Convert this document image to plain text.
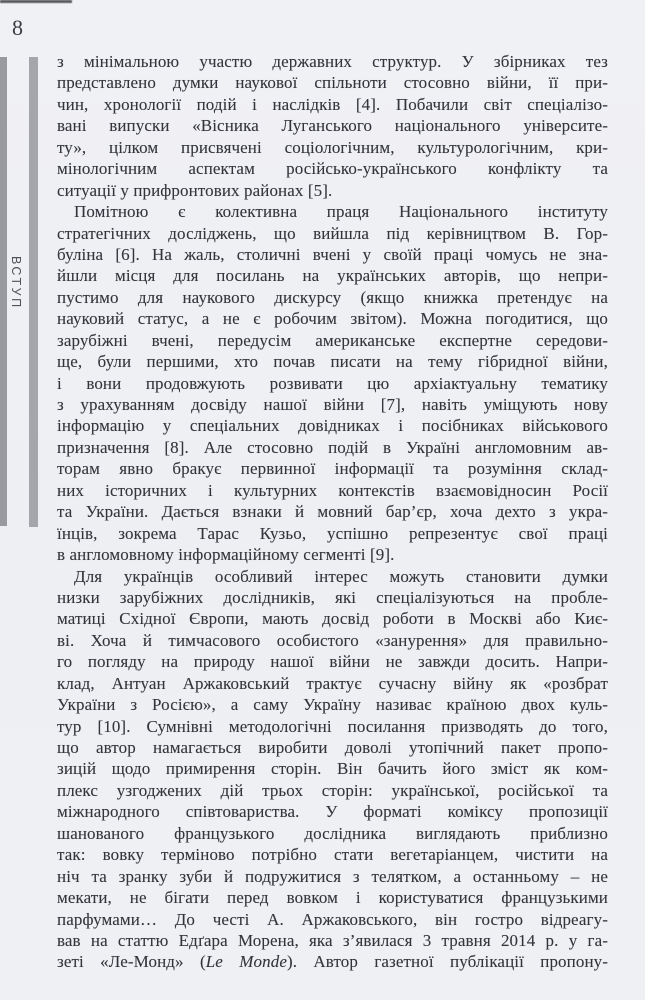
8
ВСТУП
з мінімальною участю державних структур. У збірниках тез
представлено думки наукової спільноти стосовно війни, її при-
чин, хронології подій і наслідків [4]. Побачили світ спеціалізо-
вані випуски «Вісника Луганського національного університе-
ту», цілком присвячені соціологічним, культурологічним, кри-
мінологічним аспектам російсько-українського конфлікту та
ситуації у прифронтових районах [5].
Помітною є колективна праця Національного інституту
стратегічних досліджень, що вийшла під керівництвом В. Гор-
буліна [6]. На жаль, столичні вчені у своїй праці чомусь не зна-
йшли місця для посилань на українських авторів, що непри-
пустимо для наукового дискурсу (якщо книжка претендує на
науковий статус, а не є робочим звітом). Можна погодитися, що
зарубіжні вчені, передусім американське експертне середови-
ще, були першими, хто почав писати на тему гібридної війни,
і вони продовжують розвивати цю архіактуальну тематику
з урахуванням досвіду нашої війни [7], навіть уміщують нову
інформацію у спеціальних довідниках і посібниках військового
призначення [8]. Але стосовно подій в Україні англомовним ав-
торам явно бракує первинної інформації та розуміння склад-
них історичних і культурних контекстів взаємовідносин Росії
та України. Дається взнаки й мовний бар’єр, хоча дехто з укра-
їнців, зокрема Тарас Кузьо, успішно репрезентує свої праці
в англомовному інформаційному сегменті [9].
Для українців особливий інтерес можуть становити думки
низки зарубіжних дослідників, які спеціалізуються на пробле-
матиці Східної Європи, мають досвід роботи в Москві або Киє-
ві. Хоча й тимчасового особистого «занурення» для правильно-
го погляду на природу нашої війни не завжди досить. Напри-
клад, Антуан Аржаковський трактує сучасну війну як «розбрат
України з Росією», а саму Україну називає країною двох куль-
тур [10]. Сумнівні методологічні посилання призводять до того,
що автор намагається виробити доволі утопічний пакет пропо-
зицій щодо примирення сторін. Він бачить його зміст як ком-
плекс узгоджених дій трьох сторін: української, російської та
міжнародного співтовариства. У форматі коміксу пропозиції
шанованого французького дослідника виглядають приблизно
так: вовку терміново потрібно стати вегетаріанцем, чистити на
ніч та зранку зуби й подружитися з телятком, а останньому – не
мекати, не бігати перед вовком і користуватися французькими
парфумами… До честі А. Аржаковського, він гостро відреагу-
вав на статтю Едґара Морена, яка з’явилася 3 травня 2014 р. у га-
зеті «Ле-Монд» (Le Monde). Автор газетної публікації пропону-
